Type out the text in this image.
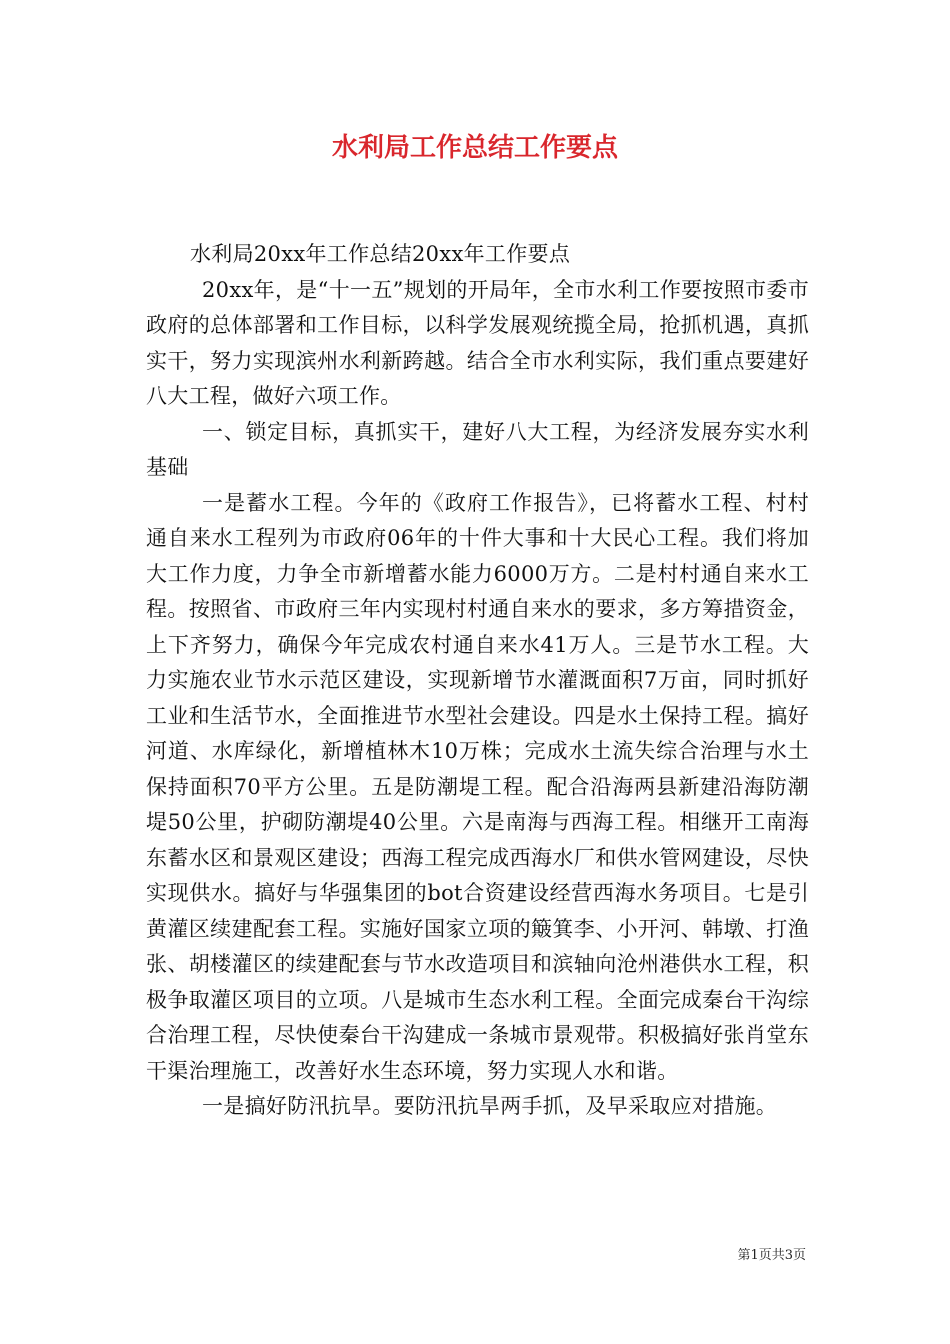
水利局工作总结工作要点

水利局20xx年工作总结20xx年工作要点

20xx年，是“十一五”规划的开局年，全市水利工作要按照市委市政府的总体部署和工作目标，以科学发展观统揽全局，抢抓机遇，真抓实干，努力实现滨州水利新跨越。结合全市水利实际，我们重点要建好八大工程，做好六项工作。

一、锁定目标，真抓实干，建好八大工程，为经济发展夯实水利基础

一是蓄水工程。今年的《政府工作报告》，已将蓄水工程、村村通自来水工程列为市政府06年的十件大事和十大民心工程。我们将加大工作力度，力争全市新增蓄水能力6000万方。二是村村通自来水工程。按照省、市政府三年内实现村村通自来水的要求，多方筹措资金，上下齐努力，确保今年完成农村通自来水41万人。三是节水工程。大力实施农业节水示范区建设，实现新增节水灌溉面积7万亩，同时抓好工业和生活节水，全面推进节水型社会建设。四是水土保持工程。搞好河道、水库绿化，新增植林木10万株；完成水土流失综合治理与水土保持面积70平方公里。五是防潮堤工程。配合沿海两县新建沿海防潮堤50公里，护砌防潮堤40公里。六是南海与西海工程。相继开工南海东蓄水区和景观区建设；西海工程完成西海水厂和供水管网建设，尽快实现供水。搞好与华强集团的bot合资建设经营西海水务项目。七是引黄灌区续建配套工程。实施好国家立项的簸箕李、小开河、韩墩、打渔张、胡楼灌区的续建配套与节水改造项目和滨轴向沧州港供水工程，积极争取灌区项目的立项。八是城市生态水利工程。全面完成秦台干沟综合治理工程，尽快使秦台干沟建成一条城市景观带。积极搞好张肖堂东干渠治理施工，改善好水生态环境，努力实现人水和谐。

一是搞好防汛抗旱。要防汛抗旱两手抓，及早采取应对措施。

第1页共3页
